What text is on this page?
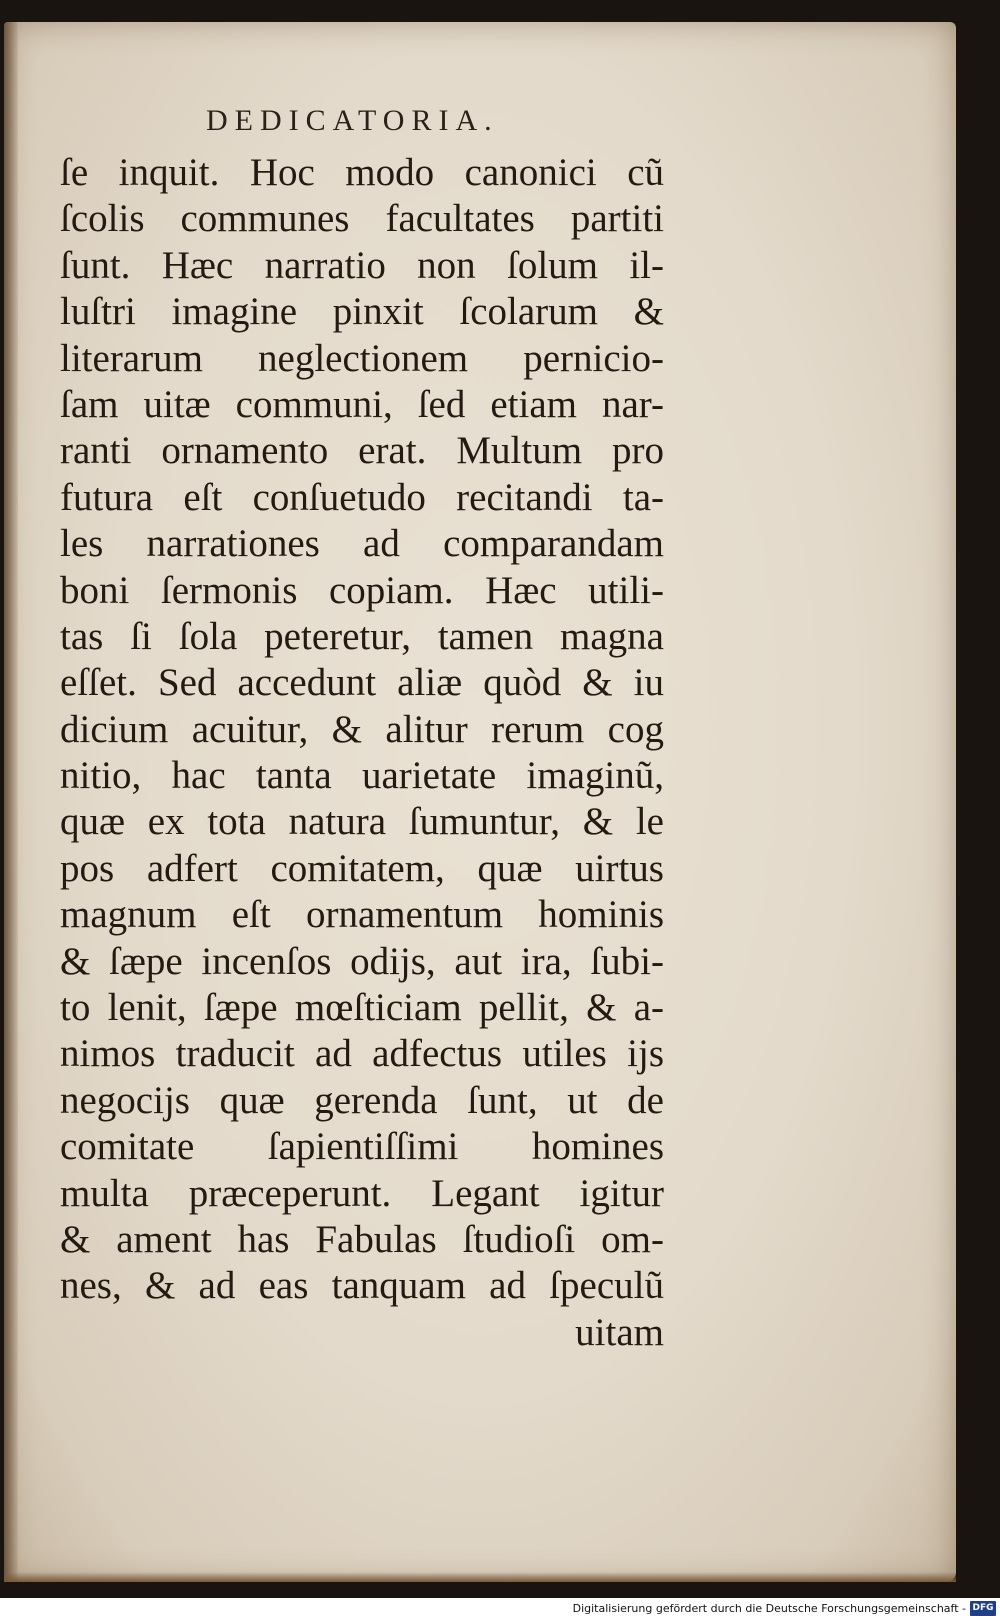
DEDICATORIA.
ſe inquit. Hoc modo canonici cũ
ſcolis communes facultates partiti
ſunt. Hæc narratio non ſolum il-
luſtri imagine pinxit ſcolarum &
literarum neglectionem pernicio-
ſam uitæ communi, ſed etiam nar-
ranti ornamento erat. Multum pro
futura eſt conſuetudo recitandi ta-
les narrationes ad comparandam
boni ſermonis copiam. Hæc utili-
tas ſi ſola peteretur, tamen magna
eſſet. Sed accedunt aliæ quòd & iu
dicium acuitur, & alitur rerum cog
nitio, hac tanta uarietate imaginũ,
quæ ex tota natura ſumuntur, & le
pos adfert comitatem, quæ uirtus
magnum eſt ornamentum hominis
& ſæpe incenſos odijs, aut ira, ſubi-
to lenit, ſæpe mœſticiam pellit, & a-
nimos traducit ad adfectus utiles ijs
negocijs quæ gerenda ſunt, ut de
comitate ſapientiſſimi homines
multa præceperunt. Legant igitur
& ament has Fabulas ſtudioſi om-
nes, & ad eas tanquam ad ſpeculũ
uitam
Digitalisierung gefördert durch die Deutsche Forschungsgemeinschaft - DFG
